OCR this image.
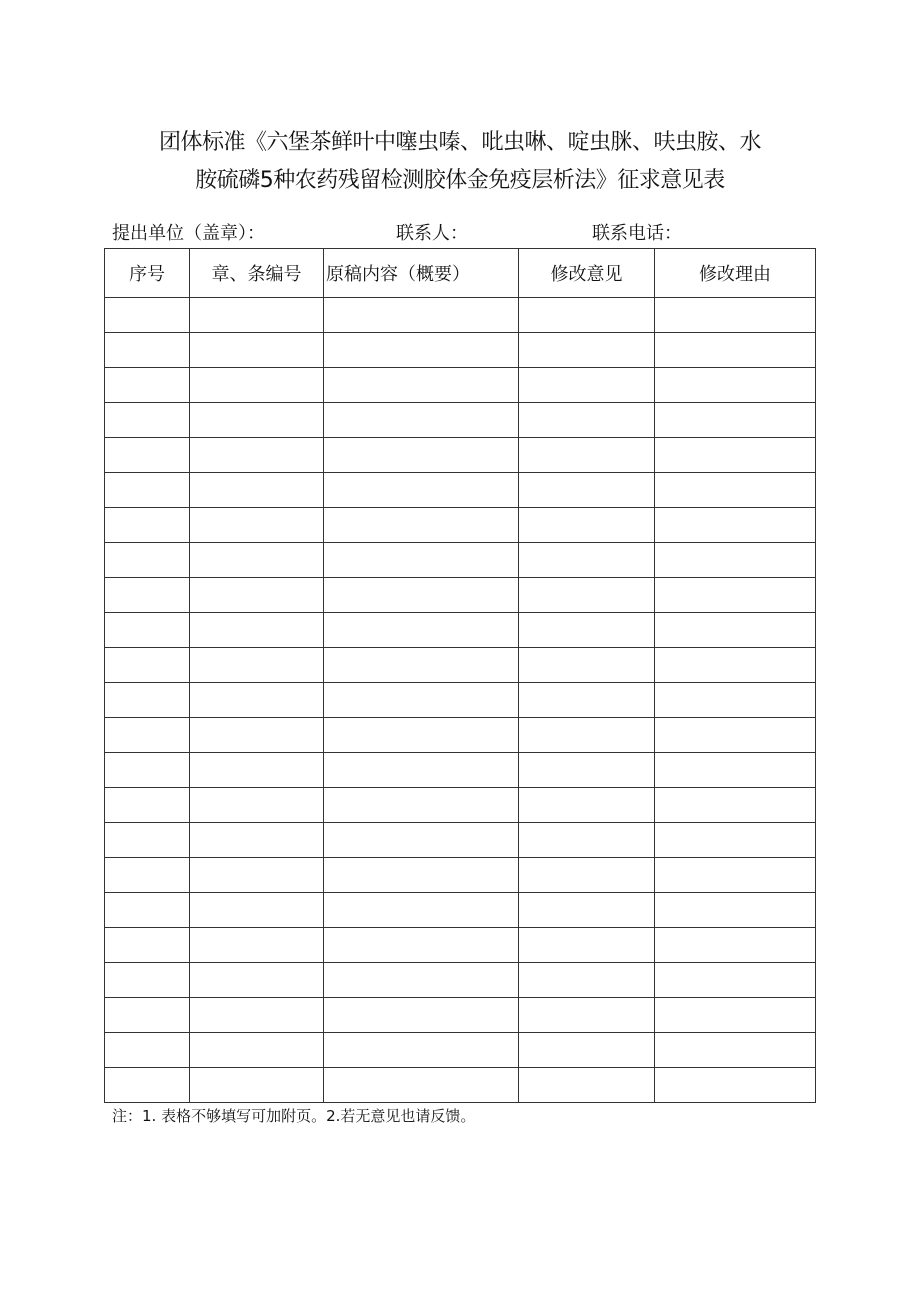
团体标准《六堡茶鲜叶中噻虫嗪、吡虫啉、啶虫脒、呋虫胺、水
胺硫磷5种农药残留检测胶体金免疫层析法》征求意见表
提出单位（盖章）：	联系人：	联系电话：
序号	章、条编号	原稿内容（概要）	修改意见	修改理由

注：1. 表格不够填写可加附页。2.若无意见也请反馈。
